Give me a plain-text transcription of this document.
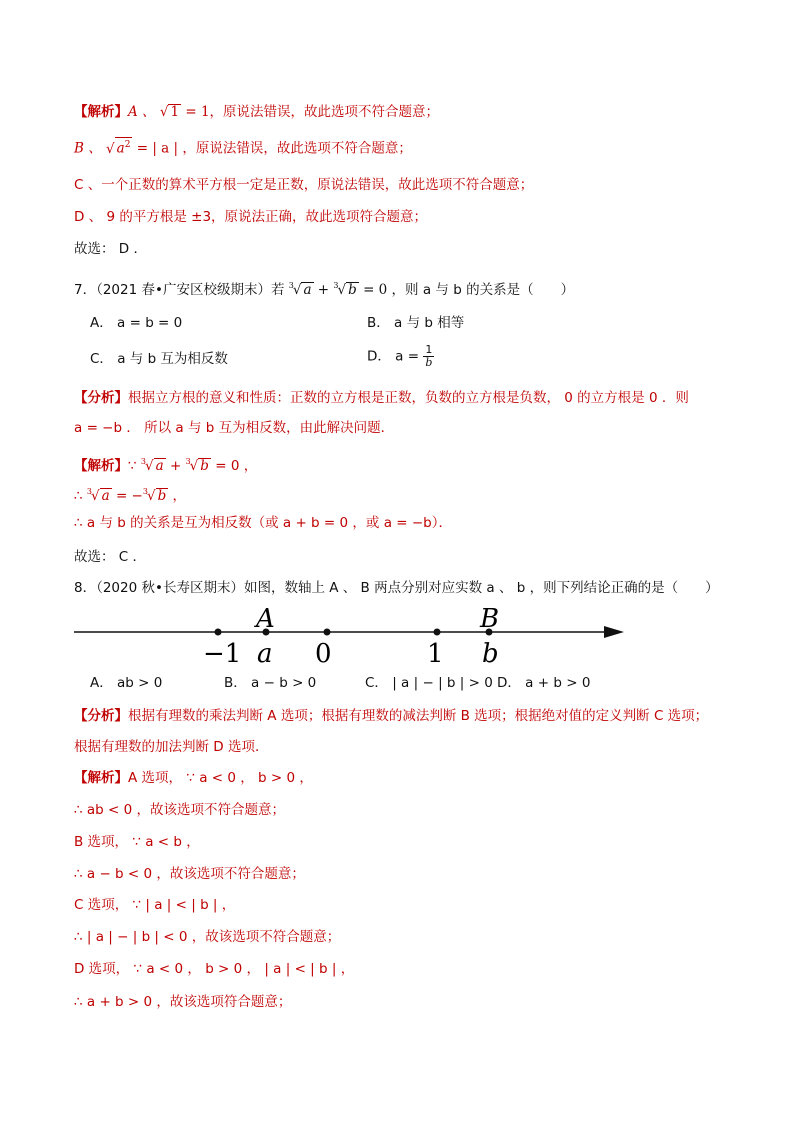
【解析】A 、 √ 1 = 1，原说法错误，故此选项不符合题意；
B 、 √ $a^2$ = | a | ，原说法错误，故此选项不符合题意；
C 、一个正数的算术平方根一定是正数，原说法错误，故此选项不符合题意；
D 、 9 的平方根是 ±3，原说法正确，故此选项符合题意；
故选： D ．
7．（2021 春•广安区校级期末）若 $^3$√ a + $^3$√ b = 0 ，则 a 与 b 的关系是（　　）
A． a = b = 0	B． a 与 b 相等
C． a 与 b 互为相反数	D． $a = \frac{1}{b}$
【分析】根据立方根的意义和性质：正数的立方根是正数，负数的立方根是负数， 0 的立方根是 0 ．则
a = −b ． 所以 a 与 b 互为相反数，由此解决问题．
【解析】∵ $^3$√ a + $^3$√ b = 0 ，
∴ $^3$√ a = −$^3$√ b ，
∴ a 与 b 的关系是互为相反数（或 a + b = 0 ，或 a = −b）．
故选： C ．
8．（2020 秋•长寿区期末）如图，数轴上 A 、 B 两点分别对应实数 a 、 b ，则下列结论正确的是（　　）
A	B
−1 a 0	1 b
A． ab > 0	B． a − b > 0	C． | a | − | b | > 0 D． a + b > 0
【分析】根据有理数的乘法判断 A 选项；根据有理数的减法判断 B 选项；根据绝对值的定义判断 C 选项；
根据有理数的加法判断 D 选项．
【解析】A 选项， ∵ a < 0 ， b > 0 ，
∴ ab < 0 ，故该选项不符合题意；
B 选项， ∵ a < b ，
∴ a − b < 0 ，故该选项不符合题意；
C 选项， ∵ | a | < | b | ，
∴ | a | − | b | < 0 ，故该选项不符合题意；
D 选项， ∵ a < 0 ， b > 0 ， | a | < | b | ，
∴ a + b > 0 ，故该选项符合题意；
